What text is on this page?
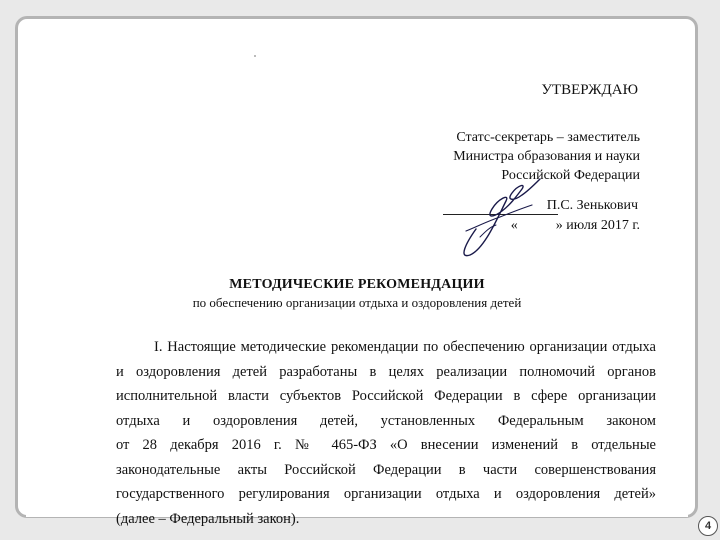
УТВЕРЖДАЮ
Статс-секретарь – заместитель
Министра образования и науки
Российской Федерации
П.С. Зенькович
«	» июля 2017 г.
МЕТОДИЧЕСКИЕ РЕКОМЕНДАЦИИ
по обеспечению организации отдыха и оздоровления детей
I. Настоящие методические рекомендации по обеспечению организации отдыха
и оздоровления детей разработаны в целях реализации полномочий органов
исполнительной власти субъектов Российской Федерации в сфере организации
отдыха и оздоровления детей, установленных Федеральным законом
от 28 декабря 2016 г. № 465-ФЗ «О внесении изменений в отдельные
законодательные акты Российской Федерации в части совершенствования
государственного регулирования организации отдыха и оздоровления детей»
(далее – Федеральный закон).	4
